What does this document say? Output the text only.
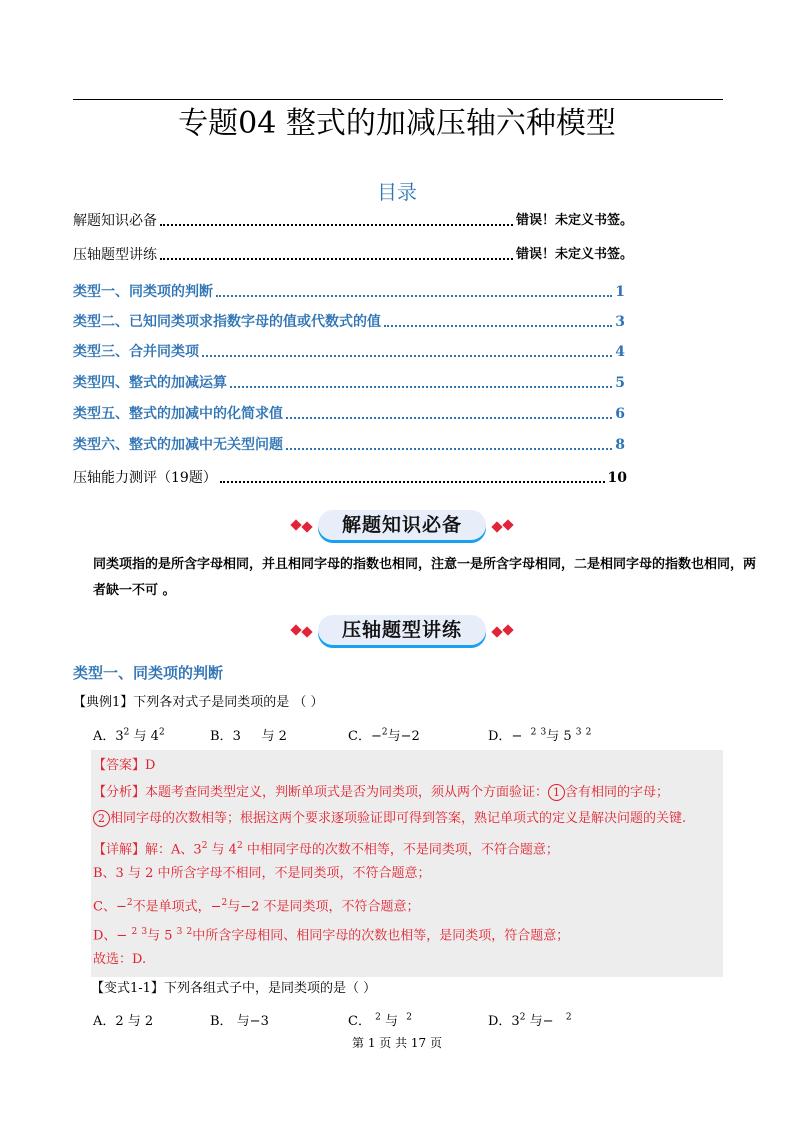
专题04 整式的加减压轴六种模型
目录
解题知识必备	错误！未定义书签。
压轴题型讲练	错误！未定义书签。
类型一、同类项的判断	1
类型二、已知同类项求指数字母的值或代数式的值	3
类型三、合并同类项	4
类型四、整式的加减运算	5
类型五、整式的加减中的化简求值	6
类型六、整式的加减中无关型问题	8
压轴能力测评（19题）	10
解题知识必备
同类项指的是所含字母相同，并且相同字母的指数也相同，注意一是所含字母相同，二是相同字母的指数也相同，两者缺一不可 。
压轴题型讲练
类型一、同类项的判断
【典例1】下列各对式子是同类项的是 （ ）
A．$3^2$ 与 $4^2$	B．3 与 2	C．−$^2$与−2	D．− $^2$ $^3$与 5 $^3$ $^2$
【答案】D
【分析】本题考查同类型定义，判断单项式是否为同类项，须从两个方面验证： 1 含有相同的字母；
2 相同字母的次数相等；根据这两个要求逐项验证即可得到答案，熟记单项式的定义是解决问题的关键.
【详解】解：A、$3^2$ 与 $4^2$ 中相同字母的次数不相等，不是同类项，不符合题意；
B、3 与 2 中所含字母不相同，不是同类项，不符合题意；
C、−$^2$不是单项式，−$^2$与−2 不是同类项，不符合题意；
D、− $^2$ $^3$与 5 $^3$ $^2$中所含字母相同、相同字母的次数也相等，是同类项，符合题意；
故选：D.
【变式1-1】下列各组式子中，是同类项的是（ ）
A．2 与 2	B． 与−3	C． $^2$ 与  $^2$	D．$3^2$ 与− $^2$
第 1 页 共 17 页
